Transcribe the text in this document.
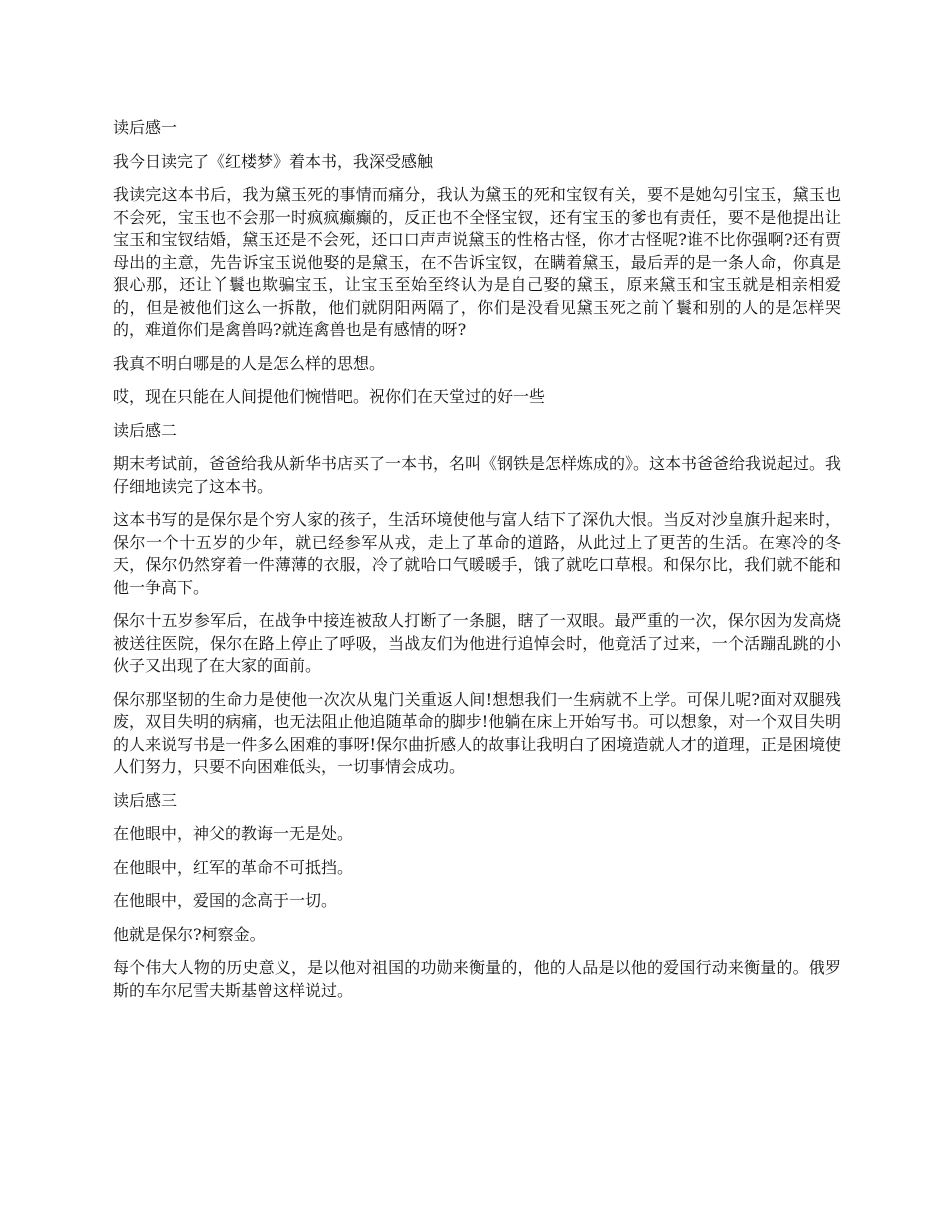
读后感一

我今日读完了《红楼梦》着本书，我深受感触

我读完这本书后，我为黛玉死的事情而痛分，我认为黛玉的死和宝钗有关，要不是她勾引宝玉，黛玉也不会死，宝玉也不会那一时疯疯癫癫的，反正也不全怪宝钗，还有宝玉的爹也有责任，要不是他提出让宝玉和宝钗结婚，黛玉还是不会死，还口口声声说黛玉的性格古怪，你才古怪呢?谁不比你强啊?还有贾母出的主意，先告诉宝玉说他娶的是黛玉，在不告诉宝钗，在瞒着黛玉，最后弄的是一条人命，你真是狠心那，还让丫鬟也欺骗宝玉，让宝玉至始至终认为是自己娶的黛玉，原来黛玉和宝玉就是相亲相爱的，但是被他们这么一拆散，他们就阴阳两隔了，你们是没看见黛玉死之前丫鬟和别的人的是怎样哭的，难道你们是禽兽吗?就连禽兽也是有感情的呀?

我真不明白哪是的人是怎么样的思想。

哎，现在只能在人间提他们惋惜吧。祝你们在天堂过的好一些

读后感二

期末考试前，爸爸给我从新华书店买了一本书，名叫《钢铁是怎样炼成的》。这本书爸爸给我说起过。我仔细地读完了这本书。

这本书写的是保尔是个穷人家的孩子，生活环境使他与富人结下了深仇大恨。当反对沙皇旗升起来时，保尔一个十五岁的少年，就已经参军从戎，走上了革命的道路，从此过上了更苦的生活。在寒冷的冬天，保尔仍然穿着一件薄薄的衣服，冷了就哈口气暖暖手，饿了就吃口草根。和保尔比，我们就不能和他一争高下。

保尔十五岁参军后，在战争中接连被敌人打断了一条腿，瞎了一双眼。最严重的一次，保尔因为发高烧被送往医院，保尔在路上停止了呼吸，当战友们为他进行追悼会时，他竟活了过来，一个活蹦乱跳的小伙子又出现了在大家的面前。

保尔那坚韧的生命力是使他一次次从鬼门关重返人间!想想我们一生病就不上学。可保儿呢?面对双腿残废，双目失明的病痛，也无法阻止他追随革命的脚步!他躺在床上开始写书。可以想象，对一个双目失明的人来说写书是一件多么困难的事呀!保尔曲折感人的故事让我明白了困境造就人才的道理，正是困境使人们努力，只要不向困难低头，一切事情会成功。

读后感三

在他眼中，神父的教诲一无是处。

在他眼中，红军的革命不可抵挡。

在他眼中，爱国的念高于一切。

他就是保尔?柯察金。

每个伟大人物的历史意义，是以他对祖国的功勋来衡量的，他的人品是以他的爱国行动来衡量的。俄罗斯的车尔尼雪夫斯基曾这样说过。
